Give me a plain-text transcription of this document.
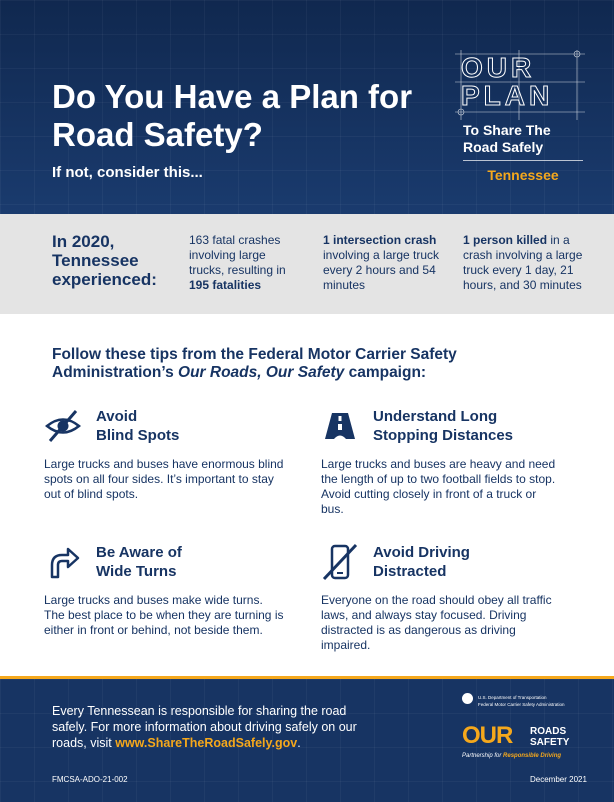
Do You Have a Plan for Road Safety?

If not, consider this...

OUR
PLAN
To Share The
Road Safely
Tennessee

In 2020, Tennessee experienced:

163 fatal crashes involving large trucks, resulting in 195 fatalities
1 intersection crash involving a large truck every 2 hours and 54 minutes
1 person killed in a crash involving a large truck every 1 day, 21 hours, and 30 minutes

Follow these tips from the Federal Motor Carrier Safety Administration’s Our Roads, Our Safety campaign:

Avoid
Blind Spots

Large trucks and buses have enormous blind spots on all four sides. It’s important to stay out of blind spots.

Understand Long
Stopping Distances

Large trucks and buses are heavy and need the length of up to two football fields to stop. Avoid cutting closely in front of a truck or bus.

Be Aware of
Wide Turns

Large trucks and buses make wide turns. The best place to be when they are turning is either in front or behind, not beside them.

Avoid Driving
Distracted

Everyone on the road should obey all traffic laws, and always stay focused. Driving distracted is as dangerous as driving impaired.

Every Tennessean is responsible for sharing the road safely. For more information about driving safely on our roads, visit www.ShareTheRoadSafely.gov.

FMCSA-ADO-21-002	December 2021
U.S. Department of Transportation
Federal Motor Carrier Safety Administration
OUR ROADS
SAFETY
Partnership for Responsible Driving
